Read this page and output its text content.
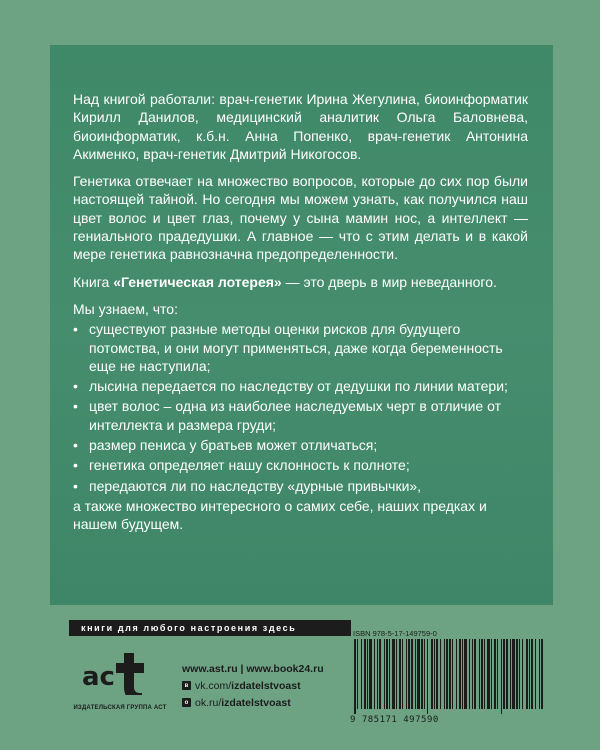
Над книгой работали: врач-генетик Ирина Жегулина, биоинформатик Кирилл Данилов, медицинский аналитик Ольга Баловнева, биоинформатик, к.б.н. Анна Попенко, врач-генетик Антонина Акименко, врач-генетик Дмитрий Никогосов.

Генетика отвечает на множество вопросов, которые до сих пор были настоящей тайной. Но сегодня мы можем узнать, как получился наш цвет волос и цвет глаз, почему у сына мамин нос, а интеллект — гениального прадедушки. А главное — что с этим делать и в какой мере генетика равнозначна предопределенности.

Книга «Генетическая лотерея» — это дверь в мир неведанного.

Мы узнаем, что:

• существуют разные методы оценки рисков для будущего потомства, и они могут применяться, даже когда беременность еще не наступила;
• лысина передается по наследству от дедушки по линии матери;
• цвет волос – одна из наиболее наследуемых черт в отличие от интеллекта и размера груди;
• размер пениса у братьев может отличаться;
• генетика определяет нашу склонность к полноте;
• передаются ли по наследству «дурные привычки»,

а также множество интересного о самих себе, наших предках и нашем будущем.

книги для любого настроения здесь
ас
ИЗДАТЕЛЬСКАЯ ГРУППА АСТ
www.ast.ru | www.book24.ru
в vk.com/ izdatelstvoast
о ok.ru/ izdatelstvoast
ISBN 978-5-17-149759-0
9 785171 497590
